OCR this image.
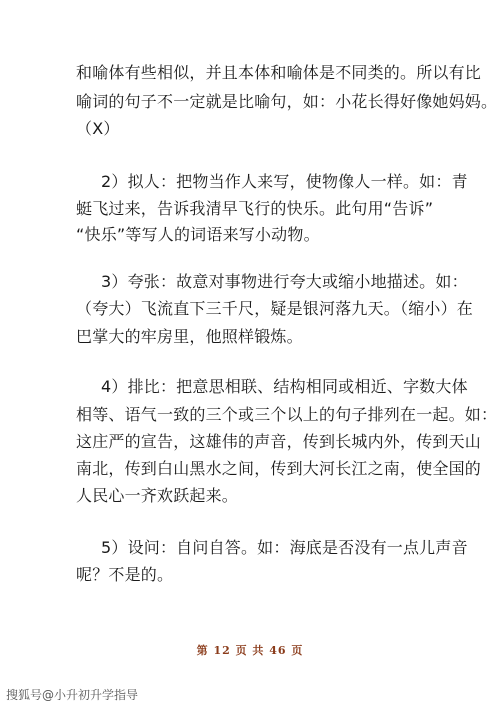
和喻体有些相似，并且本体和喻体是不同类的。所以有比
喻词的句子不一定就是比喻句，如：小花长得好像她妈妈。
（X）
2）拟人：把物当作人来写，使物像人一样。如：青
蜓飞过来，告诉我清早飞行的快乐。此句用“告诉”
“快乐”等写人的词语来写小动物。
3）夸张：故意对事物进行夸大或缩小地描述。如：
（夸大）飞流直下三千尺，疑是银河落九天。（缩小）在
巴掌大的牢房里，他照样锻炼。
4）排比：把意思相联、结构相同或相近、字数大体
相等、语气一致的三个或三个以上的句子排列在一起。如：
这庄严的宣告，这雄伟的声音，传到长城内外，传到天山
南北，传到白山黑水之间，传到大河长江之南，使全国的
人民心一齐欢跃起来。
5）设问：自问自答。如：海底是否没有一点儿声音
呢？不是的。
第 12 页 共 46 页
搜狐号@小升初升学指导
